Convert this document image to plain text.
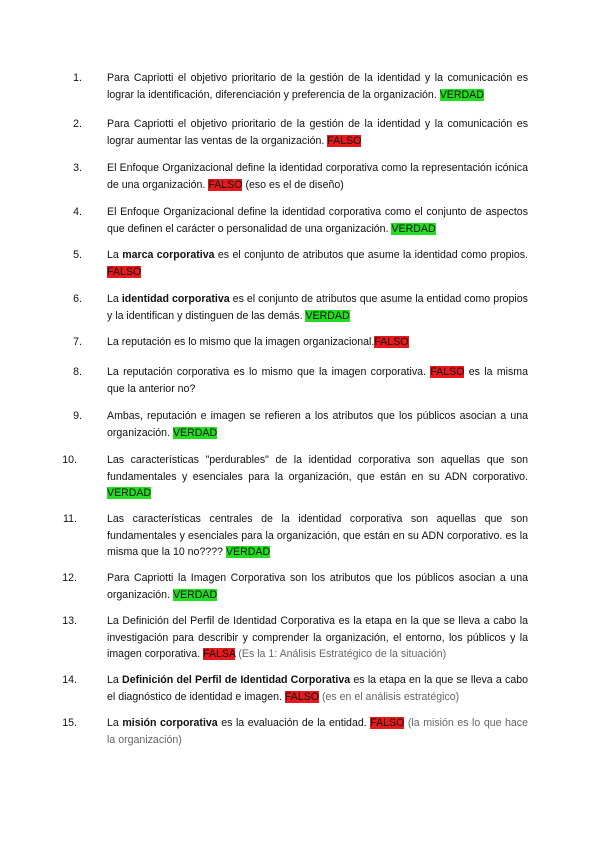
1. Para Capriotti el objetivo prioritario de la gestión de la identidad y la comunicación es lograr la identificación, diferenciación y preferencia de la organización. VERDAD
2. Para Capriotti el objetivo prioritario de la gestión de la identidad y la comunicación es lograr aumentar las ventas de la organización. FALSO
3. El Enfoque Organizacional define la identidad corporativa como la representación icónica de una organización. FALSO (eso es el de diseño)
4. El Enfoque Organizacional define la identidad corporativa como el conjunto de aspectos que definen el carácter o personalidad de una organización. VERDAD
5. La marca corporativa es el conjunto de atributos que asume la identidad como propios. FALSO
6. La identidad corporativa es el conjunto de atributos que asume la entidad como propios y la identifican y distinguen de las demás. VERDAD
7. La reputación es lo mismo que la imagen organizacional.FALSO
8. La reputación corporativa es lo mismo que la imagen corporativa. FALSO es la misma que la anterior no?
9. Ambas, reputación e imagen se refieren a los atributos que los públicos asocian a una organización. VERDAD
10.	Las características "perdurables" de la identidad corporativa son aquellas que son fundamentales y esenciales para la organización, que están en su ADN corporativo. VERDAD
11.	Las características centrales de la identidad corporativa son aquellas que son fundamentales y esenciales para la organización, que están en su ADN corporativo. es la misma que la 10 no???? VERDAD
12.	Para Capriotti la Imagen Corporativa son los atributos que los públicos asocian a una organización. VERDAD
13.	La Definición del Perfil de Identidad Corporativa es la etapa en la que se lleva a cabo la investigación para describir y comprender la organización, el entorno, los públicos y la imagen corporativa. FALSA (Es la 1: Análisis Estratégico de la situación)
14.	La Definición del Perfil de Identidad Corporativa es la etapa en la que se lleva a cabo el diagnóstico de identidad e imagen. FALSO (es en el análisis estratégico)
15.	La misión corporativa es la evaluación de la entidad. FALSO (la misión es lo que hace la organización)
